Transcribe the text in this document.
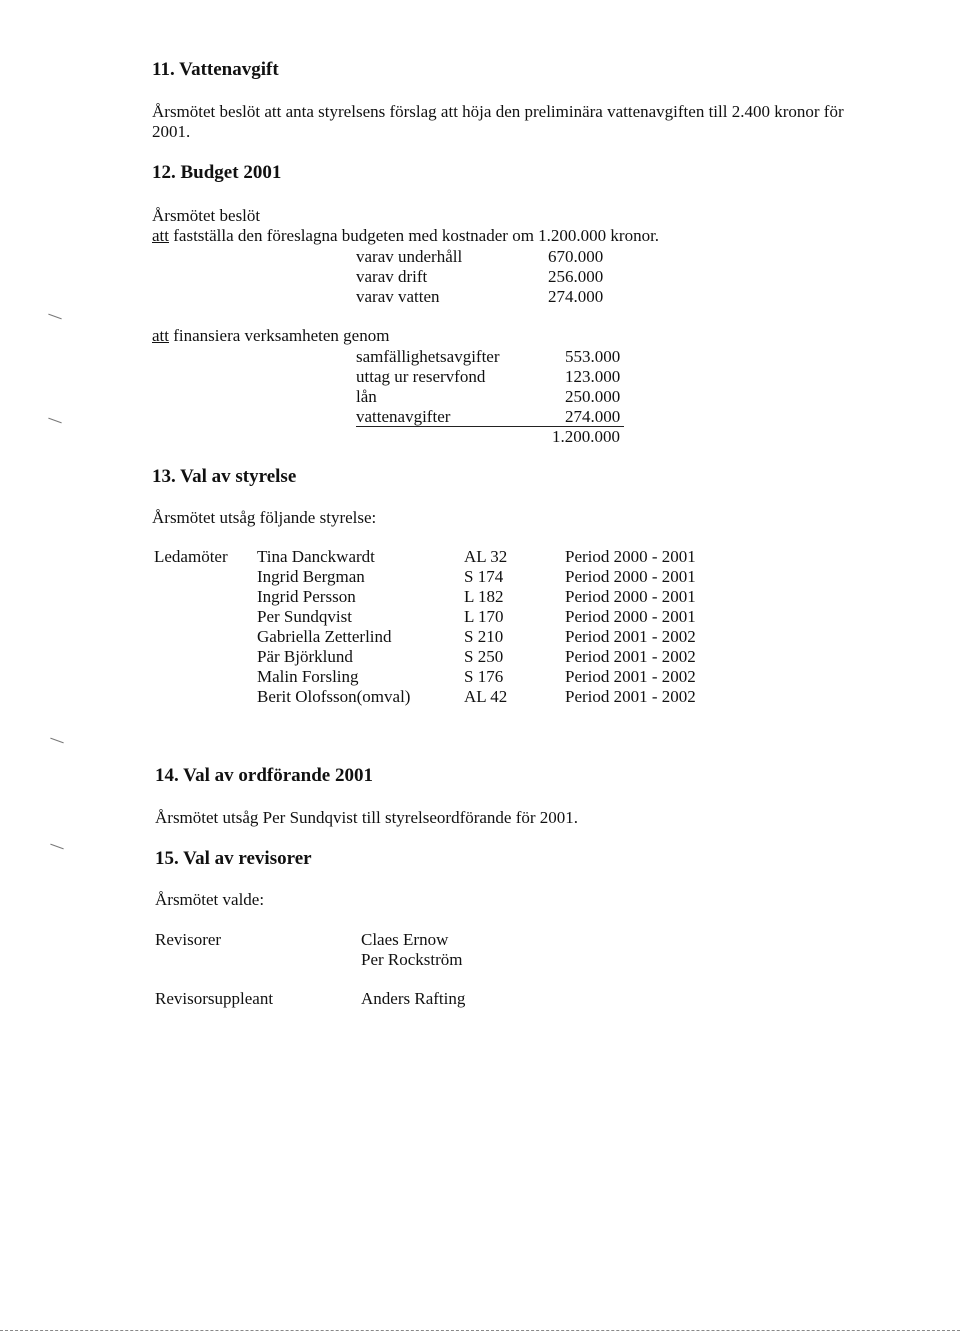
11. Vattenavgift
Årsmötet beslöt att anta styrelsens förslag att höja den preliminära vattenavgiften till 2.400 kronor för
2001.
12. Budget 2001
Årsmötet beslöt
att fastställa den föreslagna budgeten med kostnader om 1.200.000 kronor.
varav underhåll	670.000
varav drift	256.000
varav vatten	274.000
att finansiera verksamheten genom
samfällighetsavgifter	553.000
uttag ur reservfond	123.000
lån	250.000
vattenavgifter	274.000
1.200.000
13. Val av styrelse
Årsmötet utsåg följande styrelse:
Ledamöter Tina Danckwardt	AL 32	Period 2000 - 2001
Ingrid Bergman	S 174	Period 2000 - 2001
Ingrid Persson	L 182	Period 2000 - 2001
Per Sundqvist	L 170	Period 2000 - 2001
Gabriella Zetterlind	S 210	Period 2001 - 2002
Pär Björklund	S 250	Period 2001 - 2002
Malin Forsling	S 176	Period 2001 - 2002
Berit Olofsson(omval)	AL 42	Period 2001 - 2002
14. Val av ordförande 2001
Årsmötet utsåg Per Sundqvist till styrelseordförande för 2001.
15. Val av revisorer
Årsmötet valde:
Revisorer	Claes Ernow
Per Rockström
Revisorsuppleant	Anders Rafting
